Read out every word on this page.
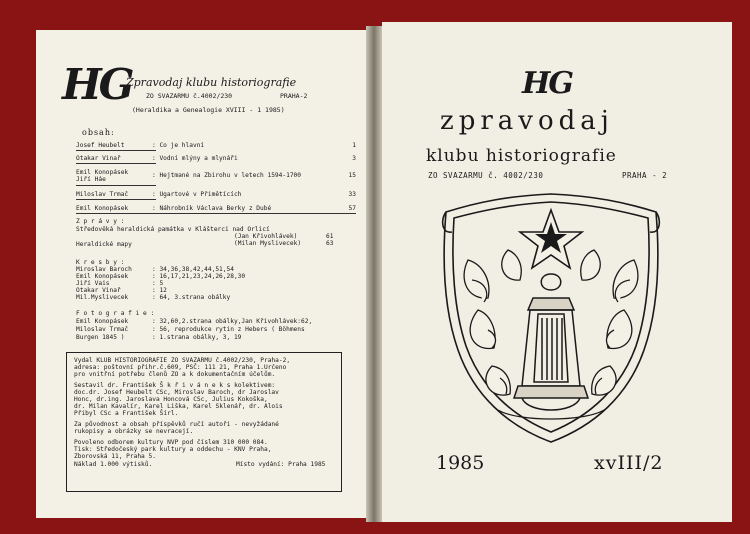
HG
Zpravodaj klubu historiografie
ZO SVAZARMU č.4002/230	PRAHA-2
(Heraldika a Genealogie XVIII - 1 1985)
obsah:
Josef Heubelt	: Co je hlavní	1
Otakar Vinař	: Vodní mlýny a mlynáři	3
Emil Konopásek	: Hejtmané na Zbirohu v letech 1594-1700	15
Jiří Háe
Miloslav Trmač	: Ugartové v Přimětících	33
Emil Konopásek	: Náhrobník Václava Berky z Dubé	57
Z p r á v y :
Středověká heraldická památka v Klášterci nad Orlicí
(Jan Křivohlávek)	61
Heraldické mapy	(Milan Myslivecek)	63
K r e s b y :
Miroslav Baroch	: 34,36,38,42,44,51,54
Emil Konopásek	: 16,17,21,23,24,26,28,30
Jiří Vais	: 5
Otakar Vinař	: 12
Mil.Myslivecek	: 64, 3.strana obálky
F o t o g r a f i e :
Emil Konopásek	: 32,60,2.strana obálky,Jan Křivohlávek:62,
Miloslav Trmač	: 56, reprodukce rytin z Hebers ( Böhmens
Burgen 1845 )	: 1.strana obálky, 3, 19
Vydal KLUB HISTORIOGRAFIE ZO SVAZARMU č.4002/230, Praha-2,
adresa: poštovní přihr.č.609, PSČ: 111 21, Praha 1.Určeno
pro vnitřní potřebu členů ZO a k dokumentačním účelům.
Sestavil dr. František Š k ř i v á n e k s kolektivem:
doc.dr. Josef Heubelt CSc, Miroslav Baroch, dr Jaroslav
Honc, dr.ing. Jaroslava Honcová CSc, Julius Kokoška,
dr. Milan Kavalír, Karel Liška, Karel Sklenář, dr. Alois
Přibyl CSc a František Šírl.
Za původnost a obsah příspěvků ručí autoři - nevyžádané
rukopisy a obrázky se nevracejí.
Povoleno odborem kultury NVP pod číslem 310 000 084.
Tisk: Středočeský park kultury a oddechu - KNV Praha,
Zborovská 11, Praha 5.
Náklad 1.000 výtisků.	Místo vydání: Praha 1985
HG
zpravodaj
klubu historiografie
ZO SVAZARMU č. 4002/230	PRAHA - 2
1985	xvIII/2
